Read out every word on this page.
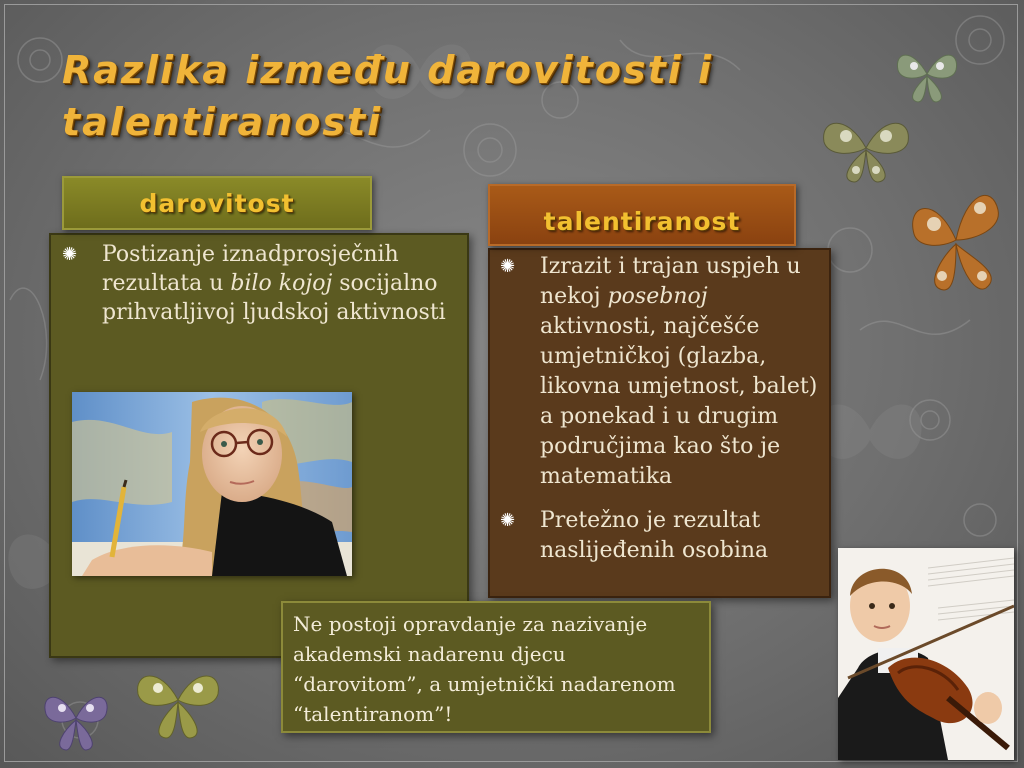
Razlika između darovitosti i
talentiranosti
darovitost
✺ Postizanje iznadprosječnih rezultata u bilo kojoj socijalno prihvatljivoj ljudskoj aktivnosti
talentiranost
✺ Izrazit i trajan uspjeh u nekoj posebnoj aktivnosti, najčešće umjetničkoj (glazba, likovna umjetnost, balet) a ponekad i u drugim područjima kao što je matematika
✺ Pretežno je rezultat naslijeđenih osobina
Ne postoji opravdanje za nazivanje akademski nadarenu djecu “darovitom”, a umjetnički nadarenom “talentiranom”!
